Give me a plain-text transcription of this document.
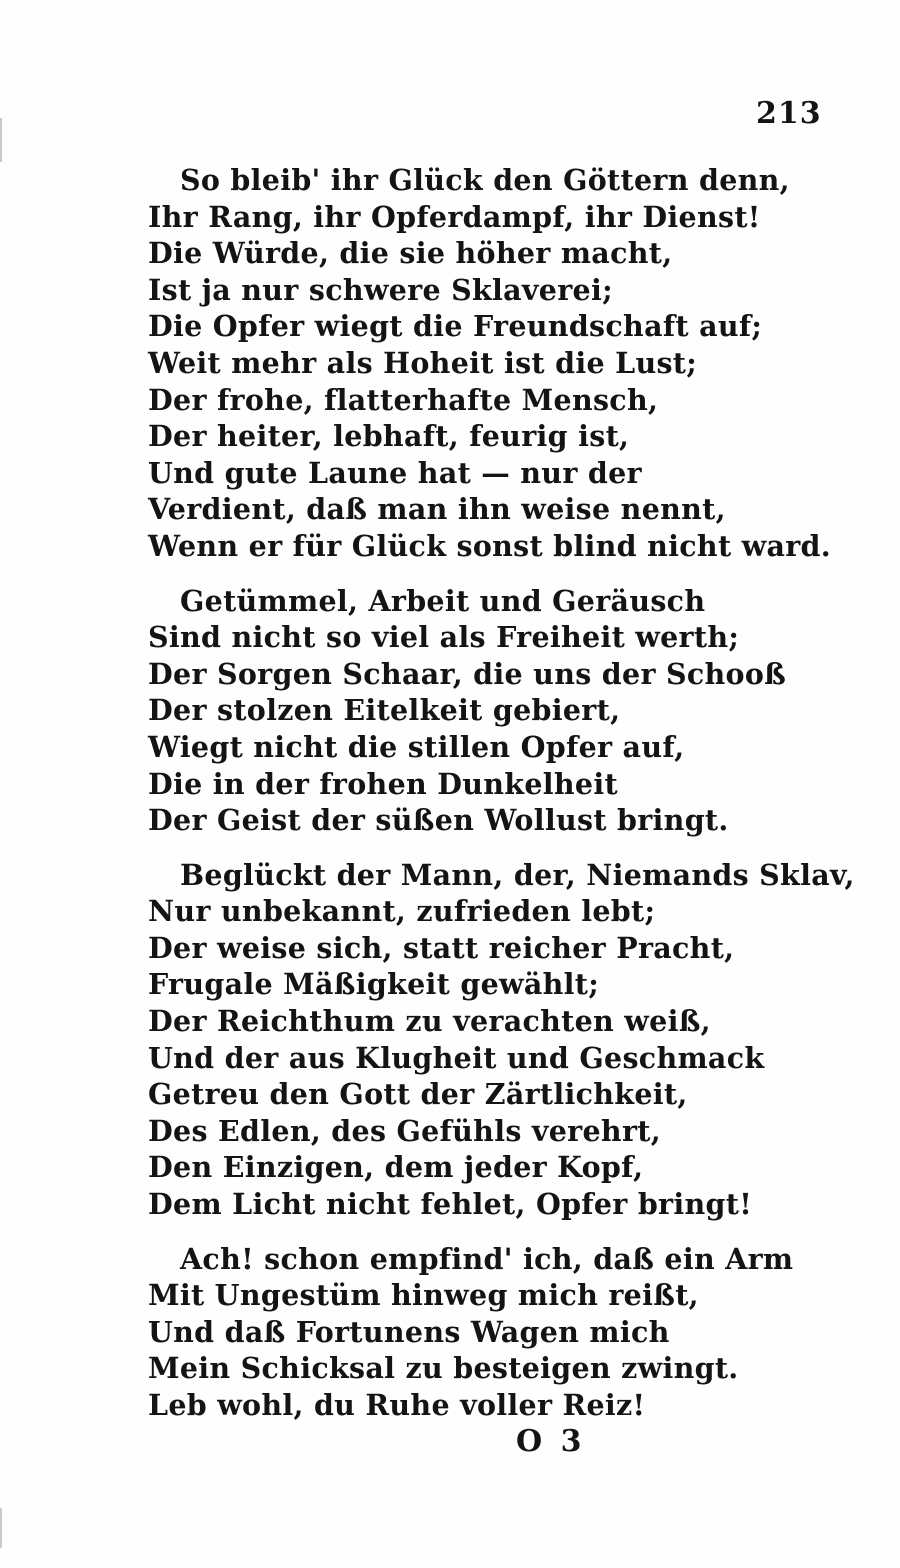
213
So bleib' ihr Glück den Göttern denn,
Ihr Rang, ihr Opferdampf, ihr Dienst!
Die Würde, die sie höher macht,
Ist ja nur schwere Sklaverei;
Die Opfer wiegt die Freundschaft auf;
Weit mehr als Hoheit ist die Lust;
Der frohe, flatterhafte Mensch,
Der heiter, lebhaft, feurig ist,
Und gute Laune hat — nur der
Verdient, daß man ihn weise nennt,
Wenn er für Glück sonst blind nicht ward.
Getümmel, Arbeit und Geräusch
Sind nicht so viel als Freiheit werth;
Der Sorgen Schaar, die uns der Schooß
Der stolzen Eitelkeit gebiert,
Wiegt nicht die stillen Opfer auf,
Die in der frohen Dunkelheit
Der Geist der süßen Wollust bringt.
Beglückt der Mann, der, Niemands Sklav,
Nur unbekannt, zufrieden lebt;
Der weise sich, statt reicher Pracht,
Frugale Mäßigkeit gewählt;
Der Reichthum zu verachten weiß,
Und der aus Klugheit und Geschmack
Getreu den Gott der Zärtlichkeit,
Des Edlen, des Gefühls verehrt,
Den Einzigen, dem jeder Kopf,
Dem Licht nicht fehlet, Opfer bringt!
Ach! schon empfind' ich, daß ein Arm
Mit Ungestüm hinweg mich reißt,
Und daß Fortunens Wagen mich
Mein Schicksal zu besteigen zwingt.
Leb wohl, du Ruhe voller Reiz!
O 3
